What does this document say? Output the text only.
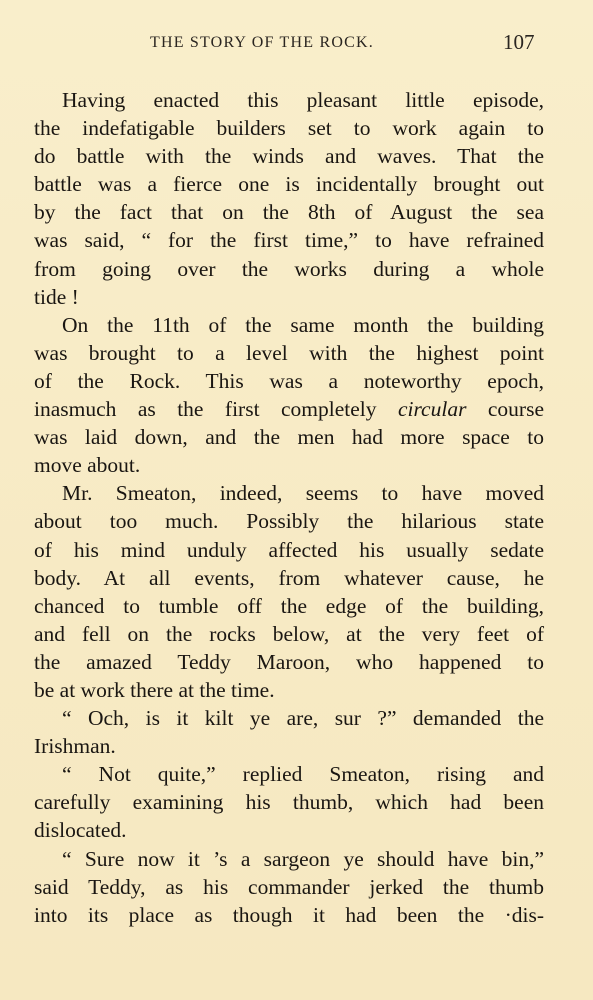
THE STORY OF THE ROCK.	107
Having enacted this pleasant little episode,
the indefatigable builders set to work again to
do battle with the winds and waves. That the
battle was a fierce one is incidentally brought out
by the fact that on the 8th of August the sea
was said, “ for the first time,” to have refrained
from going over the works during a whole
tide !
On the 11th of the same month the building
was brought to a level with the highest point
of the Rock. This was a noteworthy epoch,
inasmuch as the first completely circular course
was laid down, and the men had more space to
move about.
Mr. Smeaton, indeed, seems to have moved
about too much. Possibly the hilarious state
of his mind unduly affected his usually sedate
body. At all events, from whatever cause, he
chanced to tumble off the edge of the building,
and fell on the rocks below, at the very feet of
the amazed Teddy Maroon, who happened to
be at work there at the time.
“ Och, is it kilt ye are, sur ?” demanded the
Irishman.
“ Not quite,” replied Smeaton, rising and
carefully examining his thumb, which had been
dislocated.
“ Sure now it ’s a sargeon ye should have bin,”
said Teddy, as his commander jerked the thumb
into its place as though it had been the ·dis-
